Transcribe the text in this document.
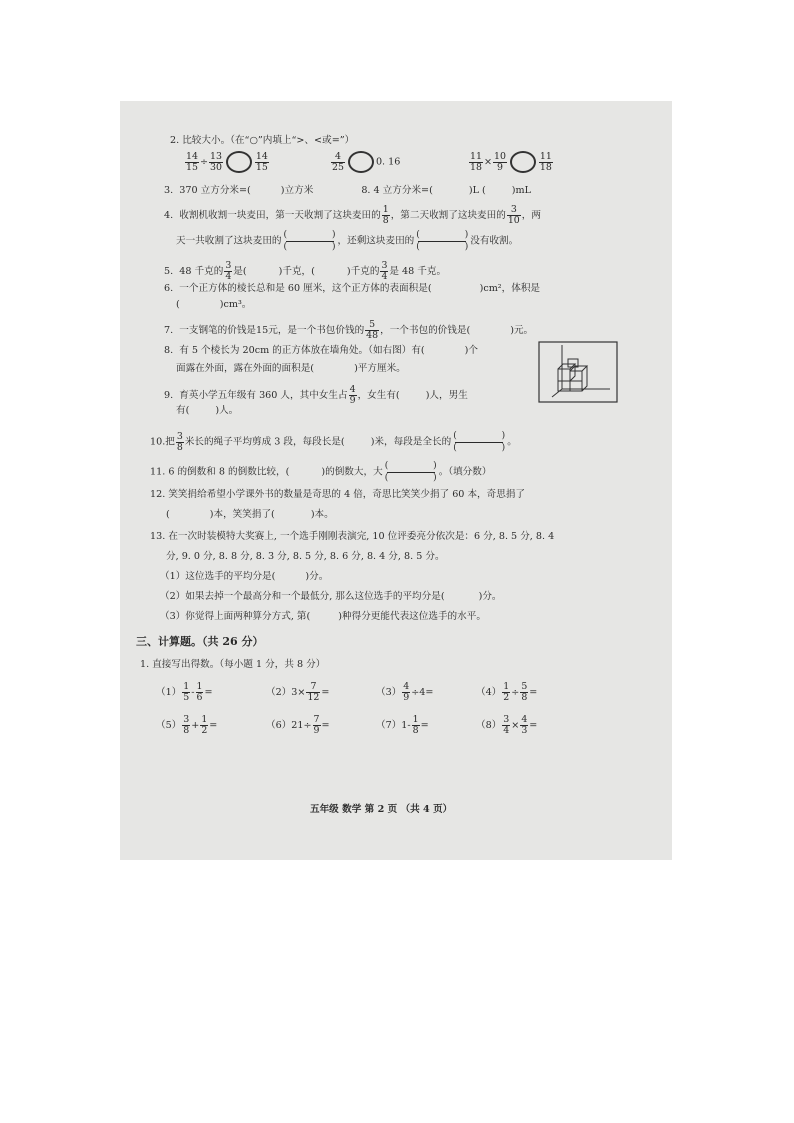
2. 比较大小。（在“○”内填上“>、<或=”）
$\frac{14}{15} \div \frac{13}{30}$	$\frac{14}{15}$	$\frac{4}{25}$	0. 16	$\frac{11}{18} \times \frac{10}{9}$	$\frac{11}{18}$
3. 370 立方分米=(	)立方米	8. 4 立方分米=(	)L (	)mL
4. 收割机收割一块麦田，第一天收割了这块麦田的 $\frac{1}{8}$ ，第二天收割了这块麦田的 $\frac{3}{10}$ ，两
天一共收割了这块麦田的
(	)
(	)
，还剩这块麦田的
(	)
(	)
没有收割。
5. 48 千克的 $\frac{3}{4}$ 是(	)千克，(	)千克的 $\frac{3}{4}$ 是 48 千克。
6. 一个正方体的棱长总和是 60 厘米，这个正方体的表面积是(	)cm²，体积是
(	)cm³。
7. 一支钢笔的价钱是15元，是一个书包价钱的 $\frac{5}{48}$ ，一个书包的价钱是(	)元。
8. 有 5 个棱长为 20cm 的正方体放在墙角处。（如右图）有(	)个
面露在外面，露在外面的面积是(	)平方厘米。
9. 育英小学五年级有 360 人，其中女生占 $\frac{4}{9}$ ，女生有(	)人，男生
有(	)人。
10.把 $\frac{3}{8}$ 米长的绳子平均剪成 3 段，每段长是(	)米，每段是全长的
(	)
(	)
。
11. 6 的倒数和 8 的倒数比较，(	)的倒数大，大
(	)
(	)
。（填分数）
12. 笑笑捐给希望小学课外书的数量是奇思的 4 倍，奇思比笑笑少捐了 60 本，奇思捐了
(	)本，笑笑捐了(	)本。
13. 在一次时装模特大奖赛上, 一个选手刚刚表演完, 10 位评委亮分依次是：6 分, 8. 5 分, 8. 4
分, 9. 0 分, 8. 8 分, 8. 3 分, 8. 5 分, 8. 6 分, 8. 4 分, 8. 5 分。
（1）这位选手的平均分是(	)分。
（2）如果去掉一个最高分和一个最低分, 那么这位选手的平均分是(	)分。
（3）你觉得上面两种算分方式, 第(	)种得分更能代表这位选手的水平。
三、计算题。（共 26 分）
1. 直接写出得数。（每小题 1 分，共 8 分）
$(1) \frac{1}{5} - \frac{1}{6}$ =	$(2)3\times \frac{7}{12}$ =	$(3) \frac{4}{9} \div 4=$	$(4) \frac{1}{2} \div \frac{5}{8}$ =
$(5) \frac{3}{8} + \frac{1}{2}$ =	$(6)21\div \frac{7}{9}$ =	$(7)1- \frac{1}{8}$ =	$(8) \frac{3}{4} \times \frac{4}{3}$ =
五年级 数学 第 2 页 （共 4 页）
